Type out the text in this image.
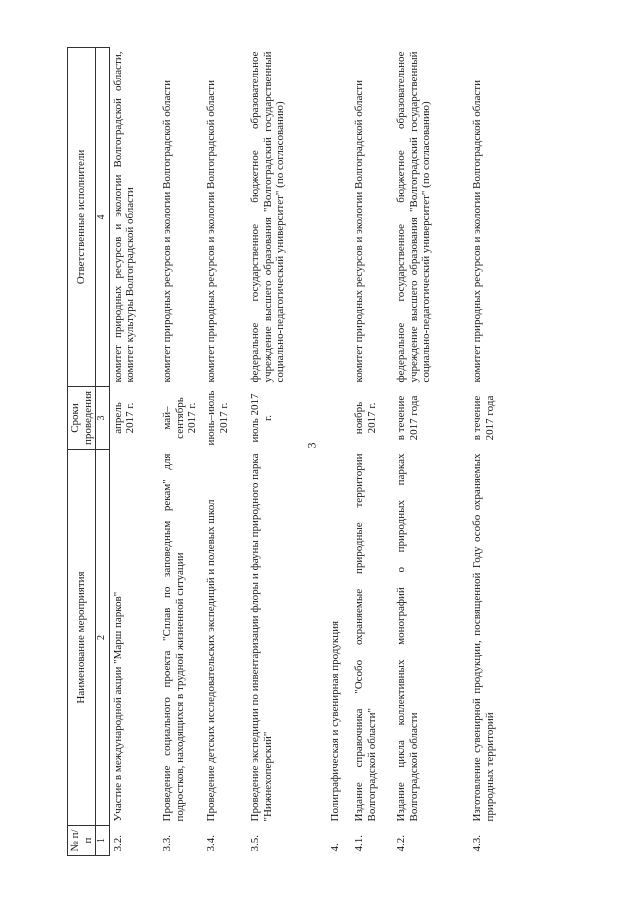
3
№ п/п	Наименование мероприятия	Сроки проведения	Ответственные исполнители
1	2	3	4
3.2.	Участие в международной акции "Марш парков"	апрель 2017 г.	комитет природных ресурсов и экологии Волгоградской области, комитет культуры Волгоградской области
3.3.	Проведение социального проекта "Сплав по заповедным рекам" для подростков, находящихся в трудной жизненной ситуации	май–сентябрь 2017 г.	комитет природных ресурсов и экологии Волгоградской области
3.4.	Проведение детских исследовательских экспедиций и полевых школ	июнь–июль 2017 г.	комитет природных ресурсов и экологии Волгоградской области
3.5.	Проведение экспедиции по инвентаризации флоры и фауны природного парка "Нижнехоперский"	июль 2017 г.	федеральное государственное бюджетное образовательное учреждение высшего образования "Волгоградский государственный социально-педагогический университет" (по согласованию)
4.	Полиграфическая и сувенирная продукция		
4.1.	Издание справочника "Особо охраняемые природные территории Волгоградской области"	ноябрь 2017 г.	комитет природных ресурсов и экологии Волгоградской области
4.2.	Издание цикла коллективных монографий о природных парках Волгоградской области	в течение 2017 года	федеральное государственное бюджетное образовательное учреждение высшего образования "Волгоградский государственный социально-педагогический университет" (по согласованию)
4.3.	Изготовление сувенирной продукции, посвященной Году особо охраняемых природных территорий	в течение 2017 года	комитет природных ресурсов и экологии Волгоградской области
